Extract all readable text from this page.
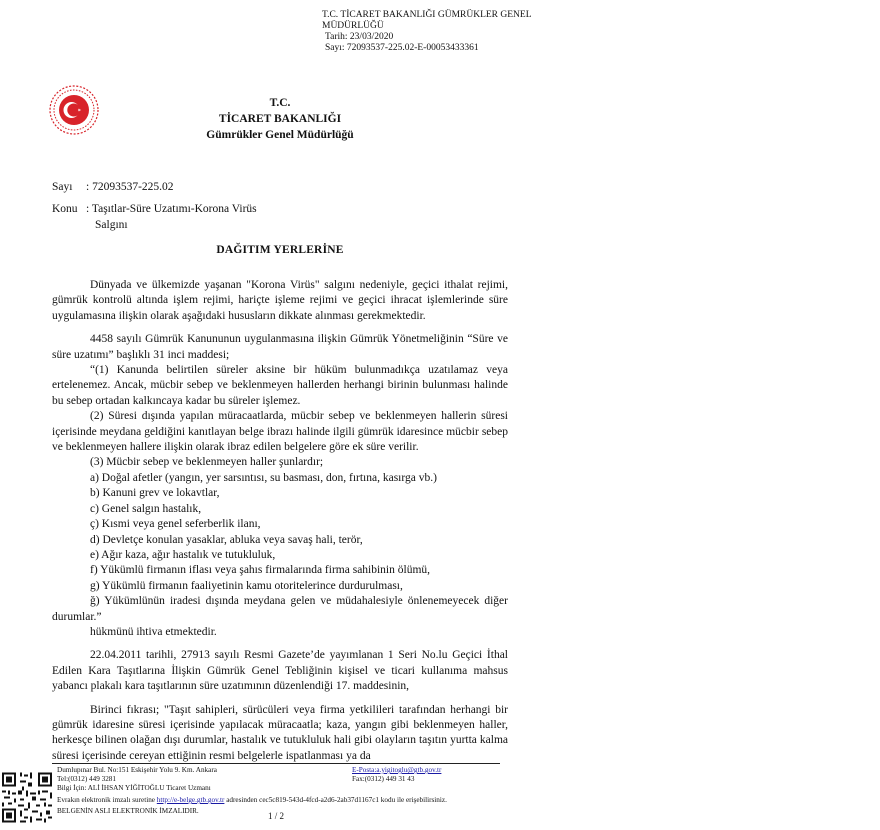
T.C. TİCARET BAKANLIĞI GÜMRÜKLER GENEL
MÜDÜRLÜĞÜ
Tarih: 23/03/2020
Sayı: 72093537-225.02-E-00053433361
T.C.
TİCARET BAKANLIĞI
Gümrükler Genel Müdürlüğü
Sayı : 72093537-225.02
Konu : Taşıtlar-Süre Uzatımı-Korona Virüs
Salgını
DAĞITIM YERLERİNE

Dünyada ve ülkemizde yaşanan "Korona Virüs" salgını nedeniyle, geçici ithalat rejimi, gümrük kontrolü altında işlem rejimi, hariçte işleme rejimi ve geçici ihracat işlemlerinde süre uygulamasına ilişkin olarak aşağıdaki hususların dikkate alınması gerekmektedir.

4458 sayılı Gümrük Kanununun uygulanmasına ilişkin Gümrük Yönetmeliğinin “Süre ve süre uzatımı” başlıklı 31 inci maddesi;

“(1) Kanunda belirtilen süreler aksine bir hüküm bulunmadıkça uzatılamaz veya ertelenemez. Ancak, mücbir sebep ve beklenmeyen hallerden herhangi birinin bulunması halinde bu sebep ortadan kalkıncaya kadar bu süreler işlemez.

(2) Süresi dışında yapılan müracaatlarda, mücbir sebep ve beklenmeyen hallerin süresi içerisinde meydana geldiğini kanıtlayan belge ibrazı halinde ilgili gümrük idaresince mücbir sebep ve beklenmeyen hallere ilişkin olarak ibraz edilen belgelere göre ek süre verilir.

(3) Mücbir sebep ve beklenmeyen haller şunlardır;

a) Doğal afetler (yangın, yer sarsıntısı, su basması, don, fırtına, kasırga vb.)

b) Kanuni grev ve lokavtlar,

c) Genel salgın hastalık,

ç) Kısmi veya genel seferberlik ilanı,

d) Devletçe konulan yasaklar, abluka veya savaş hali, terör,

e) Ağır kaza, ağır hastalık ve tutukluluk,

f) Yükümlü firmanın iflası veya şahıs firmalarında firma sahibinin ölümü,

g) Yükümlü firmanın faaliyetinin kamu otoritelerince durdurulması,

ğ) Yükümlünün iradesi dışında meydana gelen ve müdahalesiyle önlenemeyecek diğer durumlar.”

hükmünü ihtiva etmektedir.

22.04.2011 tarihli, 27913 sayılı Resmi Gazete’de yayımlanan 1 Seri No.lu Geçici İthal Edilen Kara Taşıtlarına İlişkin Gümrük Genel Tebliğinin kişisel ve ticari kullanıma mahsus yabancı plakalı kara taşıtlarının süre uzatımının düzenlendiği 17. maddesinin,

Birinci fıkrası; "Taşıt sahipleri, sürücüleri veya firma yetkilileri tarafından herhangi bir gümrük idaresine süresi içerisinde yapılacak müracaatla; kaza, yangın gibi beklenmeyen haller, herkesçe bilinen olağan dışı durumlar, hastalık ve tutukluluk hali gibi olayların taşıtın yurtta kalma süresi içerisinde cereyan ettiğinin resmi belgelerle ispatlanması ya da

Dumlupınar Bul. No:151 Eskişehir Yolu 9. Km. Ankara
Tel:(0312) 449 3281
Bilgi İçin: ALİ İHSAN YİĞİTOĞLU Ticaret Uzmanı
E-Posta:a.yigitoglu@gtb.gov.tr
Fax:(0312) 449 31 43
Evrakın elektronik imzalı suretine http://e-belge.gtb.gov.tr adresinden cec5c819-543d-4fcd-a2d6-2ab37d1167c1 kodu ile erişebilirsiniz.
BELGENİN ASLI ELEKTRONİK İMZALIDIR.	1 / 2
